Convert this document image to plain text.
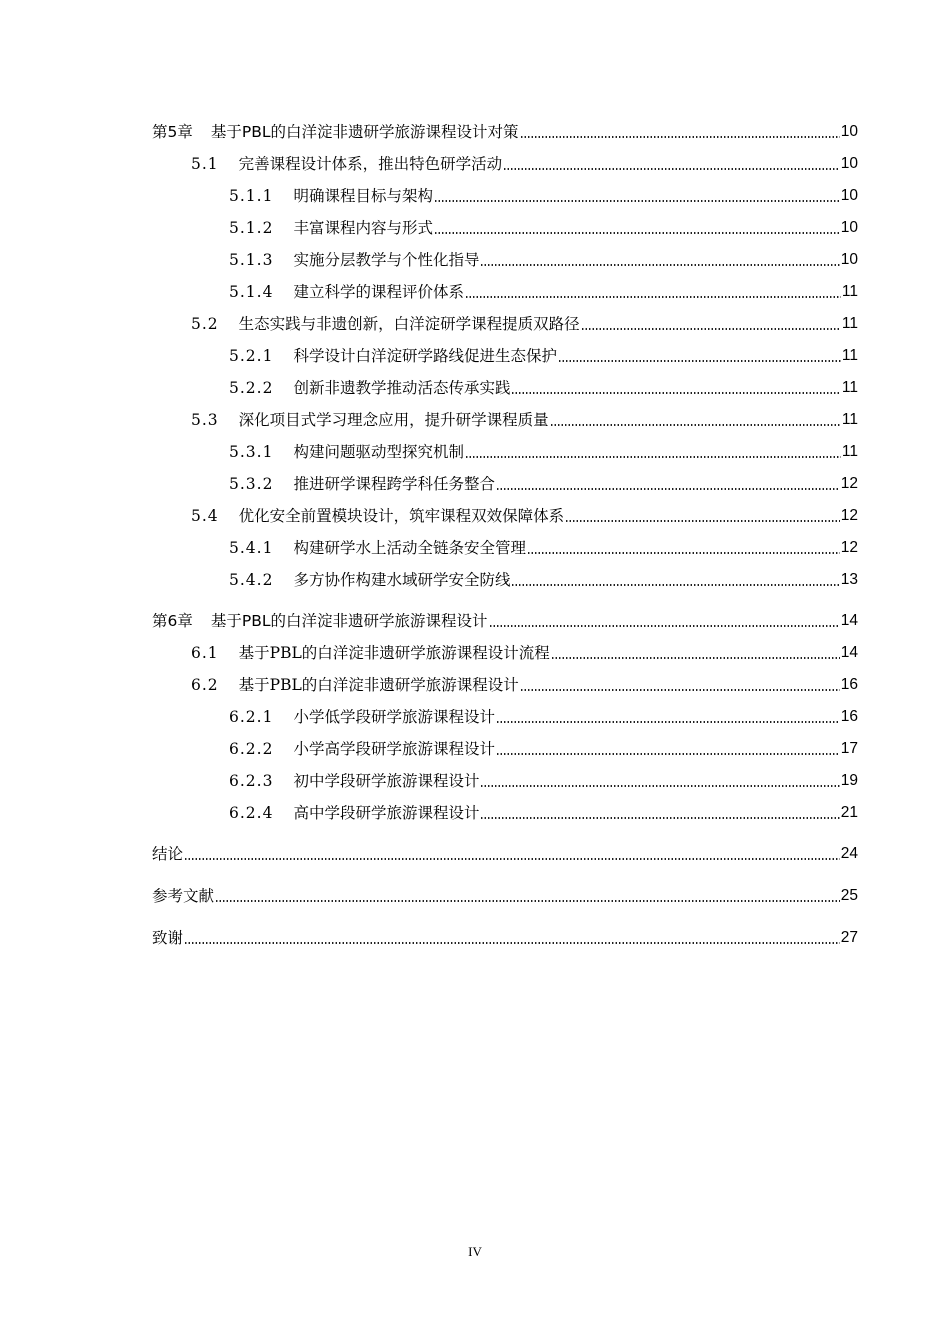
第5章 基于PBL的白洋淀非遗研学旅游课程设计对策	10
5.1 完善课程设计体系，推出特色研学活动	10
5.1.1 明确课程目标与架构	10
5.1.2 丰富课程内容与形式	10
5.1.3 实施分层教学与个性化指导	10
5.1.4 建立科学的课程评价体系	11
5.2 生态实践与非遗创新，白洋淀研学课程提质双路径	11
5.2.1 科学设计白洋淀研学路线促进生态保护	11
5.2.2 创新非遗教学推动活态传承实践	11
5.3 深化项目式学习理念应用，提升研学课程质量	11
5.3.1 构建问题驱动型探究机制	11
5.3.2 推进研学课程跨学科任务整合	12
5.4 优化安全前置模块设计，筑牢课程双效保障体系	12
5.4.1 构建研学水上活动全链条安全管理	12
5.4.2 多方协作构建水域研学安全防线	13
第6章 基于PBL的白洋淀非遗研学旅游课程设计	14
6.1 基于PBL的白洋淀非遗研学旅游课程设计流程	14
6.2 基于PBL的白洋淀非遗研学旅游课程设计	16
6.2.1 小学低学段研学旅游课程设计	16
6.2.2 小学高学段研学旅游课程设计	17
6.2.3 初中学段研学旅游课程设计	19
6.2.4 高中学段研学旅游课程设计	21
结论	24
参考文献	25
致谢	27
IV
